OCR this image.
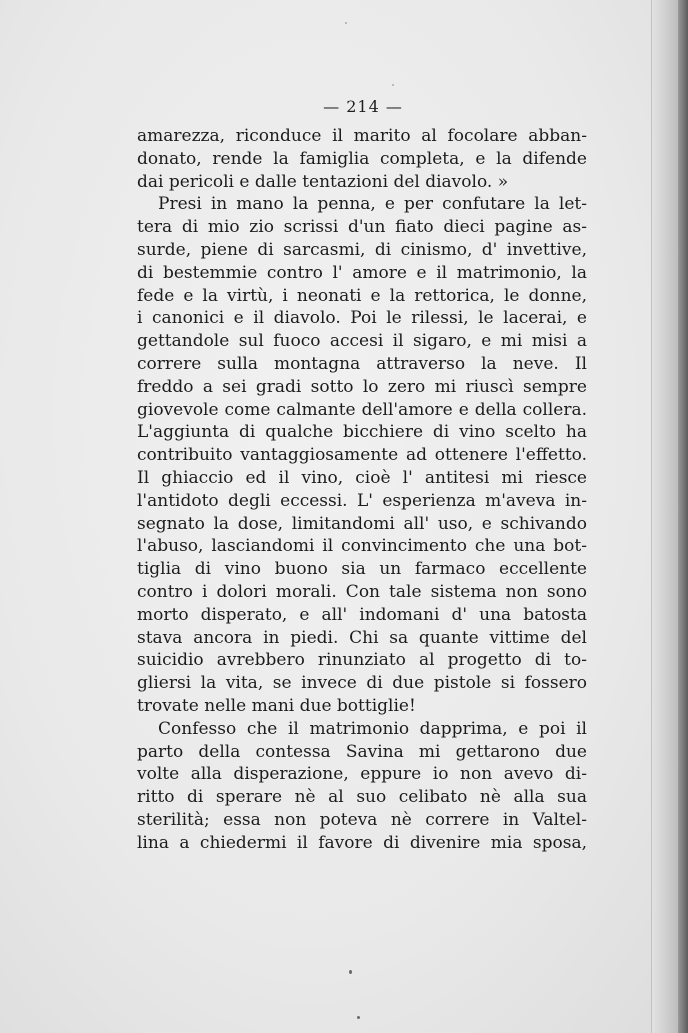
— 214 —
amarezza, riconduce il marito al focolare abban-
donato, rende la famiglia completa, e la difende
dai pericoli e dalle tentazioni del diavolo. »
Presi in mano la penna, e per confutare la let-
tera di mio zio scrissi d'un fiato dieci pagine as-
surde, piene di sarcasmi, di cinismo, d' invettive,
di bestemmie contro l' amore e il matrimonio, la
fede e la virtù, i neonati e la rettorica, le donne,
i canonici e il diavolo. Poi le rilessi, le lacerai, e
gettandole sul fuoco accesi il sigaro, e mi misi a
correre sulla montagna attraverso la neve. Il
freddo a sei gradi sotto lo zero mi riuscì sempre
giovevole come calmante dell'amore e della collera.
L'aggiunta di qualche bicchiere di vino scelto ha
contribuito vantaggiosamente ad ottenere l'effetto.
Il ghiaccio ed il vino, cioè l' antitesi mi riesce
l'antidoto degli eccessi. L' esperienza m'aveva in-
segnato la dose, limitandomi all' uso, e schivando
l'abuso, lasciandomi il convincimento che una bot-
tiglia di vino buono sia un farmaco eccellente
contro i dolori morali. Con tale sistema non sono
morto disperato, e all' indomani d' una batosta
stava ancora in piedi. Chi sa quante vittime del
suicidio avrebbero rinunziato al progetto di to-
gliersi la vita, se invece di due pistole si fossero
trovate nelle mani due bottiglie!
Confesso che il matrimonio dapprima, e poi il
parto della contessa Savina mi gettarono due
volte alla disperazione, eppure io non avevo di-
ritto di sperare nè al suo celibato nè alla sua
sterilità; essa non poteva nè correre in Valtel-
lina a chiedermi il favore di divenire mia sposa,
